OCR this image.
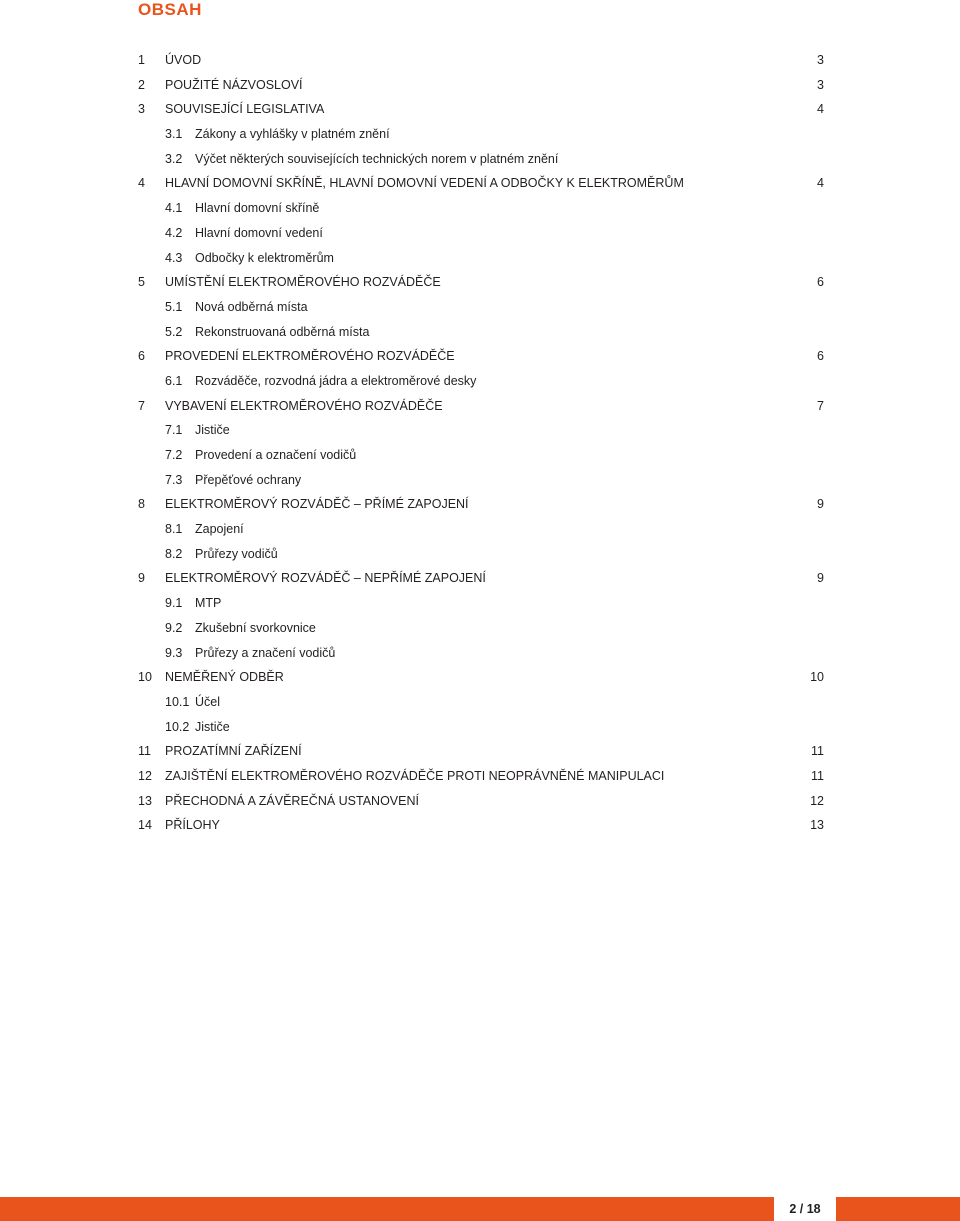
OBSAH
1 ÚVOD	3
2 POUŽITÉ NÁZVOSLOVÍ	3
3 SOUVISEJÍCÍ LEGISLATIVA	4
3.1 Zákony a vyhlášky v platném znění
3.2 Výčet některých souvisejících technických norem v platném znění
4 HLAVNÍ DOMOVNÍ SKŘÍNĚ, HLAVNÍ DOMOVNÍ VEDENÍ A ODBOČKY K ELEKTROMĚRŮM	4
4.1 Hlavní domovní skříně
4.2 Hlavní domovní vedení
4.3 Odbočky k elektroměrům
5 UMÍSTĚNÍ ELEKTROMĚROVÉHO ROZVÁDĚČE	6
5.1 Nová odběrná místa
5.2 Rekonstruovaná odběrná místa
6 PROVEDENÍ ELEKTROMĚROVÉHO ROZVÁDĚČE	6
6.1 Rozváděče, rozvodná jádra a elektroměrové desky
7 VYBAVENÍ ELEKTROMĚROVÉHO ROZVÁDĚČE	7
7.1 Jističe
7.2 Provedení a označení vodičů
7.3 Přepěťové ochrany
8 ELEKTROMĚROVÝ ROZVÁDĚČ – PŘÍMÉ ZAPOJENÍ	9
8.1 Zapojení
8.2 Průřezy vodičů
9 ELEKTROMĚROVÝ ROZVÁDĚČ – NEPŘÍMÉ ZAPOJENÍ	9
9.1 MTP
9.2 Zkušební svorkovnice
9.3 Průřezy a značení vodičů
10 NEMĚŘENÝ ODBĚR	10
10.1 Účel
10.2 Jističe
11 PROZATÍMNÍ ZAŘÍZENÍ	11
12 ZAJIŠTĚNÍ ELEKTROMĚROVÉHO ROZVÁDĚČE PROTI NEOPRÁVNĚNÉ MANIPULACI	11
13 PŘECHODNÁ A ZÁVĚREČNÁ USTANOVENÍ	12
14 PŘÍLOHY	13
2 / 18
